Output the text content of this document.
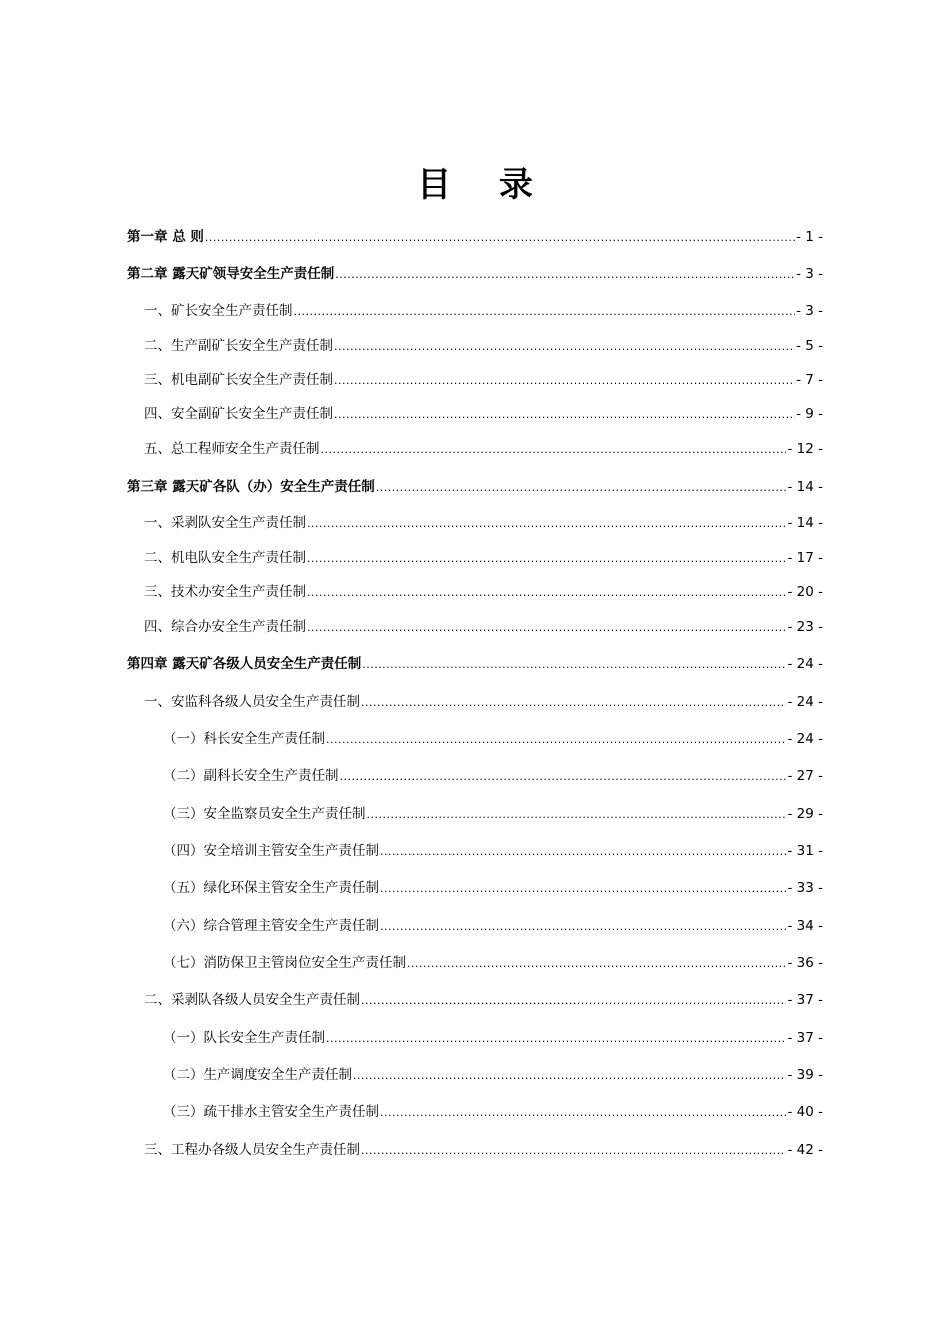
目 录
第一章 总 则 .....	- 1 -
第二章 露天矿领导安全生产责任制 .....	- 3 -
一、矿长安全生产责任制 .....	- 3 -
二、生产副矿长安全生产责任制 .....	- 5 -
三、机电副矿长安全生产责任制 .....	- 7 -
四、安全副矿长安全生产责任制 .....	- 9 -
五、总工程师安全生产责任制 .....	- 12 -
第三章 露天矿各队（办）安全生产责任制 .....	- 14 -
一、采剥队安全生产责任制 .....	- 14 -
二、机电队安全生产责任制 .....	- 17 -
三、技术办安全生产责任制 .....	- 20 -
四、综合办安全生产责任制 .....	- 23 -
第四章 露天矿各级人员安全生产责任制 .....	- 24 -
一、安监科各级人员安全生产责任制 .....	- 24 -
（一）科长安全生产责任制 .....	- 24 -
（二）副科长安全生产责任制 .....	- 27 -
（三）安全监察员安全生产责任制 .....	- 29 -
（四）安全培训主管安全生产责任制 .....	- 31 -
（五）绿化环保主管安全生产责任制 .....	- 33 -
（六）综合管理主管安全生产责任制 .....	- 34 -
（七）消防保卫主管岗位安全生产责任制 .....	- 36 -
二、采剥队各级人员安全生产责任制 .....	- 37 -
（一）队长安全生产责任制 .....	- 37 -
（二）生产调度安全生产责任制 .....	- 39 -
（三）疏干排水主管安全生产责任制 .....	- 40 -
三、工程办各级人员安全生产责任制 .....	- 42 -
